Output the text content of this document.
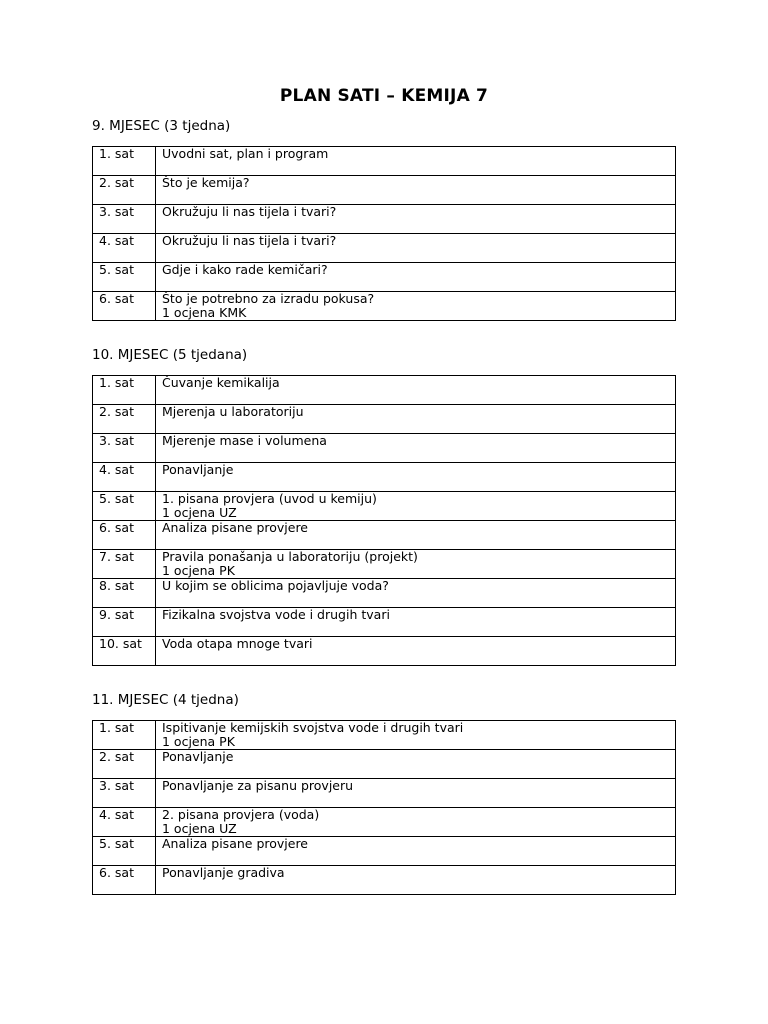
PLAN SATI – KEMIJA 7

9. MJESEC (3 tjedna)

1. sat	Uvodni sat, plan i program

2. sat	Što je kemija?

3. sat	Okružuju li nas tijela i tvari?

4. sat	Okružuju li nas tijela i tvari?

5. sat	Gdje i kako rade kemičari?

6. sat	Što je potrebno za izradu pokusa?
1 ocjena KMK

10. MJESEC (5 tjedana)

1. sat	Čuvanje kemikalija

2. sat	Mjerenja u laboratoriju

3. sat	Mjerenje mase i volumena

4. sat	Ponavljanje

5. sat	1. pisana provjera (uvod u kemiju)
1 ocjena UZ

6. sat	Analiza pisane provjere

7. sat	Pravila ponašanja u laboratoriju (projekt)
1 ocjena PK

8. sat	U kojim se oblicima pojavljuje voda?

9. sat	Fizikalna svojstva vode i drugih tvari

10. sat	Voda otapa mnoge tvari

11. MJESEC (4 tjedna)

1. sat	Ispitivanje kemijskih svojstva vode i drugih tvari
1 ocjena PK

2. sat	Ponavljanje

3. sat	Ponavljanje za pisanu provjeru

4. sat	2. pisana provjera (voda)
1 ocjena UZ

5. sat	Analiza pisane provjere

6. sat	Ponavljanje gradiva
